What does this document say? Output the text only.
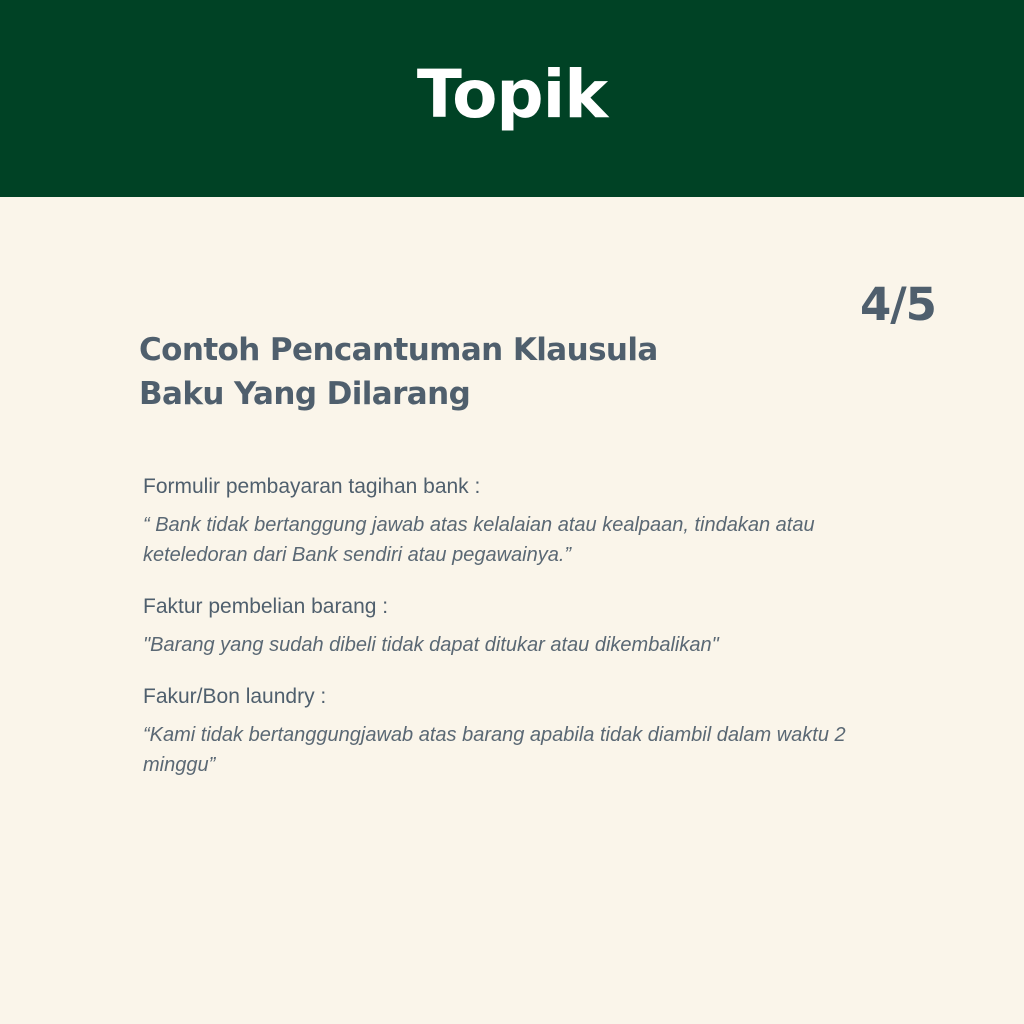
Topik
4/5
Contoh Pencantuman Klausula
Baku Yang Dilarang
Formulir pembayaran tagihan bank :
“ Bank tidak bertanggung jawab atas kelalaian atau kealpaan, tindakan atau keteledoran dari Bank sendiri atau pegawainya.”
Faktur pembelian barang :
"Barang yang sudah dibeli tidak dapat ditukar atau dikembalikan"
Fakur/Bon laundry :
“Kami tidak bertanggungjawab atas barang apabila tidak diambil dalam waktu 2 minggu”
